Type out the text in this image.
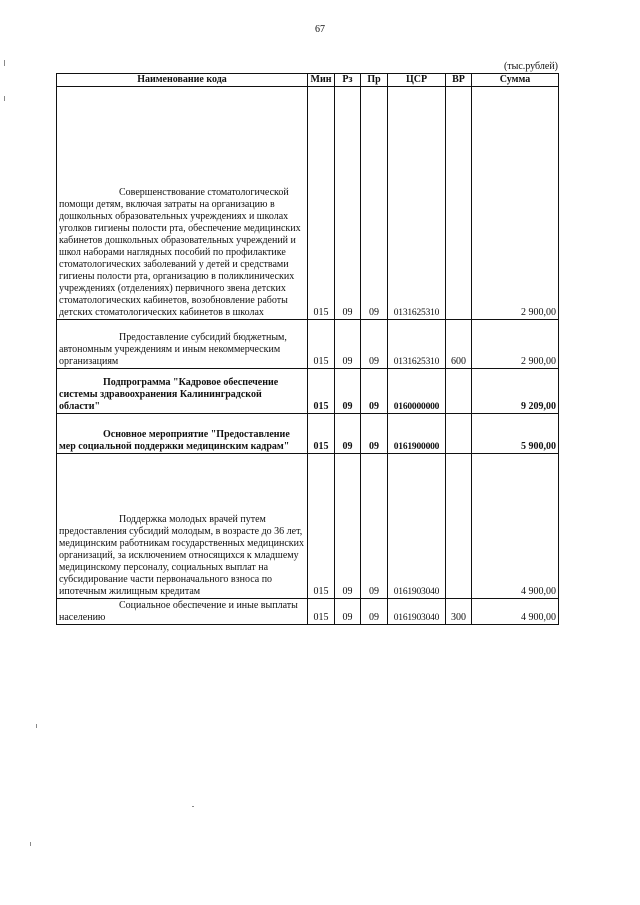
67
(тыс.рублей)
Наименование кода	Мин	Рз	Пр	ЦСР	ВР	Сумма
Совершенствование стоматологической помощи детям, включая затраты на организацию в дошкольных образовательных учреждениях и школах уголков гигиены полости рта, обеспечение медицинских кабинетов дошкольных образовательных учреждений и школ наборами наглядных пособий по профилактике стоматологических заболеваний у детей и средствами гигиены полости рта, организацию в поликлинических учреждениях (отделениях) первичного звена детских стоматологических кабинетов, возобновление работы детских стоматологических кабинетов в школах	015	09	09	0131625310		2 900,00
Предоставление субсидий бюджетным, автономным учреждениям и иным некоммерческим организациям	015	09	09	0131625310	600	2 900,00
Подпрограмма "Кадровое обеспечение системы здравоохранения Калининградской области"	015	09	09	0160000000		9 209,00
Основное мероприятие "Предоставление мер социальной поддержки медицинским кадрам"	015	09	09	0161900000		5 900,00
Поддержка молодых врачей путем предоставления субсидий молодым, в возрасте до 36 лет, медицинским работникам государственных медицинских организаций, за исключением относящихся к младшему медицинскому персоналу, социальных выплат на субсидирование части первоначального взноса по ипотечным жилищным кредитам	015	09	09	0161903040		4 900,00
Социальное обеспечение и иные выплаты населению	015	09	09	0161903040	300	4 900,00
